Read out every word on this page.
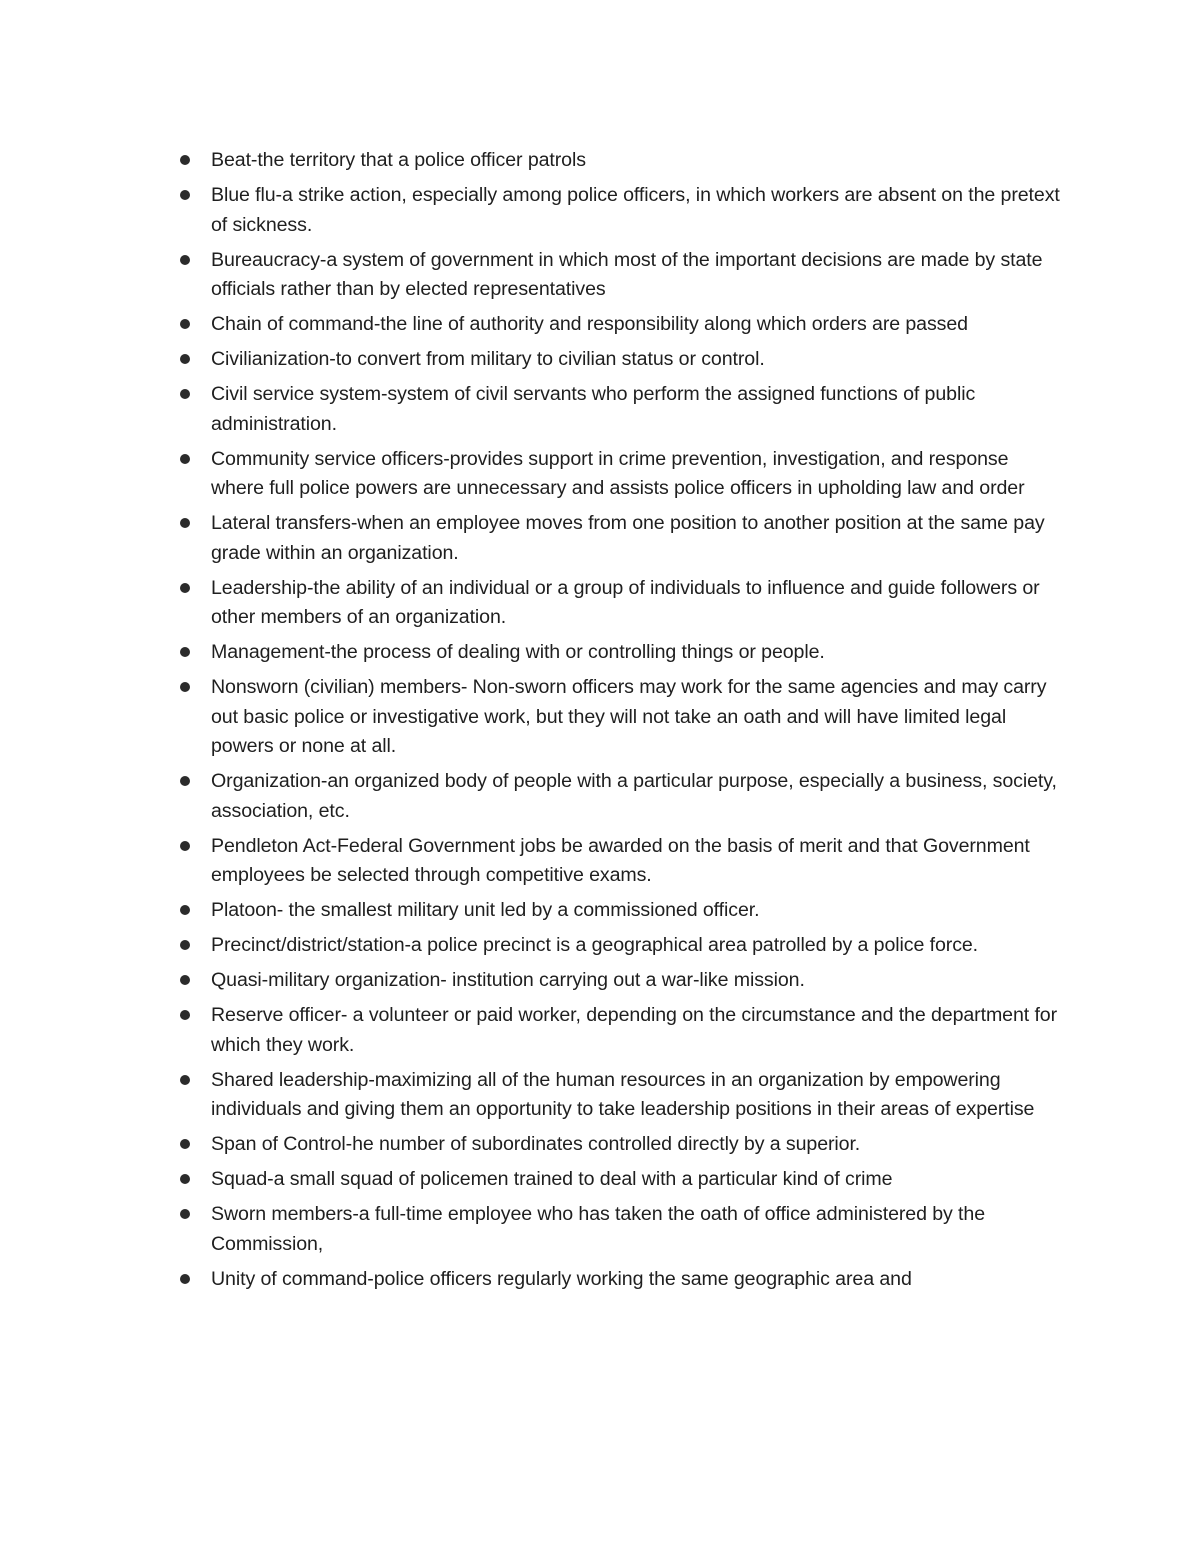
Beat-the territory that a police officer patrols
Blue flu-a strike action, especially among police officers, in which workers are absent on the pretext of sickness.
Bureaucracy-a system of government in which most of the important decisions are made by state officials rather than by elected representatives
Chain of command-the line of authority and responsibility along which orders are passed
Civilianization-to convert from military to civilian status or control.
Civil service system-system of civil servants who perform the assigned functions of public administration.
Community service officers-provides support in crime prevention, investigation, and response where full police powers are unnecessary and assists police officers in upholding law and order
Lateral transfers-when an employee moves from one position to another position at the same pay grade within an organization.
Leadership-the ability of an individual or a group of individuals to influence and guide followers or other members of an organization.
Management-the process of dealing with or controlling things or people.
Nonsworn (civilian) members- Non-sworn officers may work for the same agencies and may carry out basic police or investigative work, but they will not take an oath and will have limited legal powers or none at all.
Organization-an organized body of people with a particular purpose, especially a business, society, association, etc.
Pendleton Act-Federal Government jobs be awarded on the basis of merit and that Government employees be selected through competitive exams.
Platoon- the smallest military unit led by a commissioned officer.
Precinct/district/station-a police precinct is a geographical area patrolled by a police force.
Quasi-military organization- institution carrying out a war-like mission.
Reserve officer- a volunteer or paid worker, depending on the circumstance and the department for which they work.
Shared leadership-maximizing all of the human resources in an organization by empowering individuals and giving them an opportunity to take leadership positions in their areas of expertise
Span of Control-he number of subordinates controlled directly by a superior.
Squad-a small squad of policemen trained to deal with a particular kind of crime
Sworn members-a full-time employee who has taken the oath of office administered by the Commission,
Unity of command-police officers regularly working the same geographic area and
